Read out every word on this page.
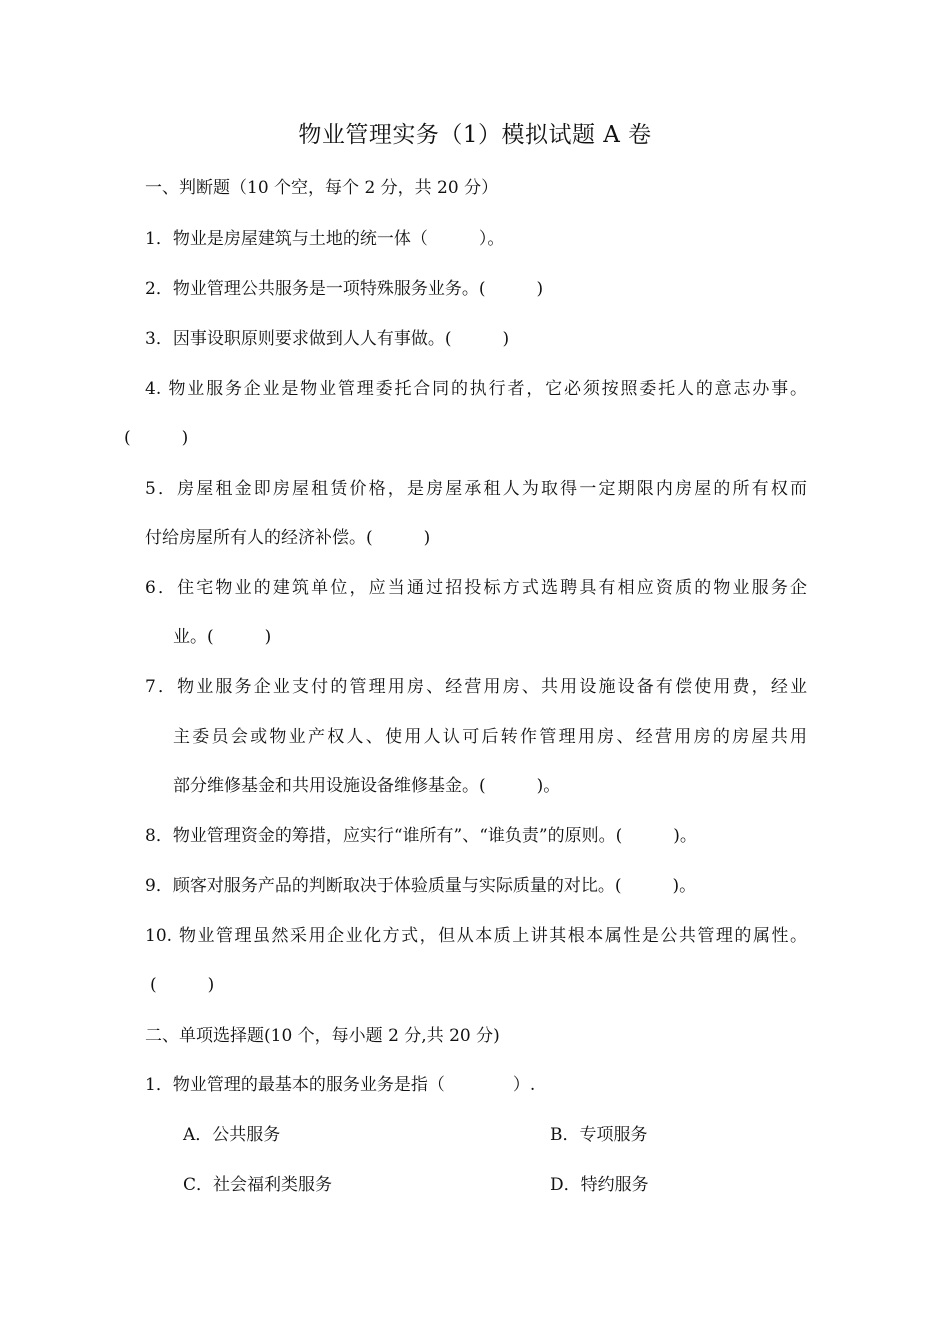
物业管理实务（1）模拟试题 A 卷
一、判断题（10 个空，每个 2 分，共 20 分）
1．物业是房屋建筑与土地的统一体（　　　）。
2．物业管理公共服务是一项特殊服务业务。(　　　)
3．因事设职原则要求做到人人有事做。(　　　)
4. 物业服务企业是物业管理委托合同的执行者，它必须按照委托人的意志办事。
(　　　)
5．房屋租金即房屋租赁价格，是房屋承租人为取得一定期限内房屋的所有权而
付给房屋所有人的经济补偿。(　　　)
6．住宅物业的建筑单位，应当通过招投标方式选聘具有相应资质的物业服务企
业。(　　　)
7．物业服务企业支付的管理用房、经营用房、共用设施设备有偿使用费，经业
主委员会或物业产权人、使用人认可后转作管理用房、经营用房的房屋共用
部分维修基金和共用设施设备维修基金。(　　　)。
8．物业管理资金的筹措，应实行“谁所有”、“谁负责”的原则。(　　　)。
9．顾客对服务产品的判断取决于体验质量与实际质量的对比。(　　　)。
10. 物业管理虽然采用企业化方式，但从本质上讲其根本属性是公共管理的属性。
(　　　)
二、单项选择题(10 个，每小题 2 分,共 20 分)
1．物业管理的最基本的服务业务是指（　　　　）.
A．公共服务	B．专项服务
C．社会福利类服务	D．特约服务
